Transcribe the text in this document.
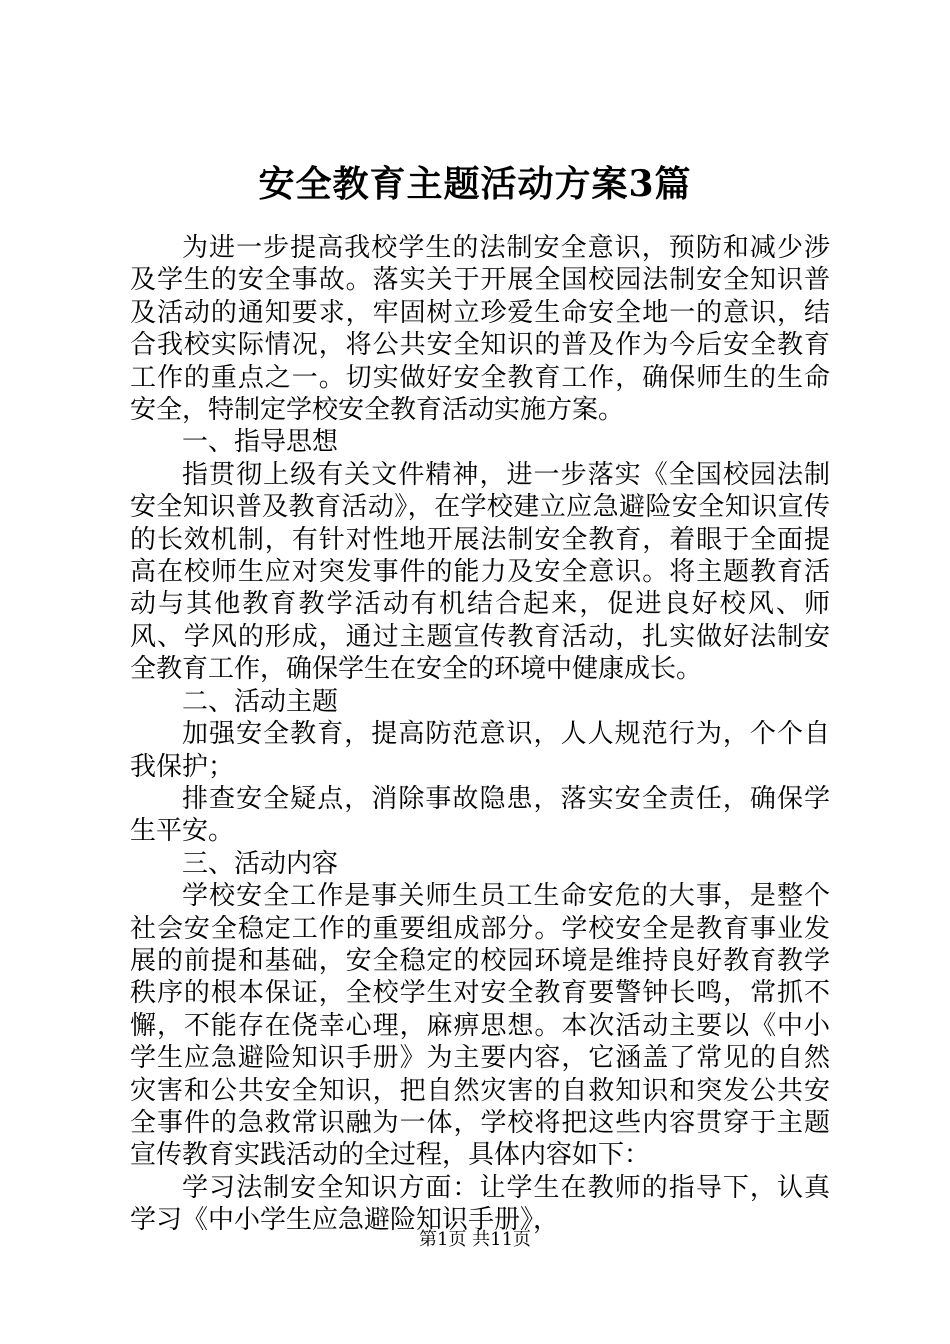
安全教育主题活动方案3篇

为进一步提高我校学生的法制安全意识，预防和减少涉及学生的安全事故。落实关于开展全国校园法制安全知识普及活动的通知要求，牢固树立珍爱生命安全地一的意识，结合我校实际情况，将公共安全知识的普及作为今后安全教育工作的重点之一。切实做好安全教育工作，确保师生的生命安全，特制定学校安全教育活动实施方案。

一、指导思想

指贯彻上级有关文件精神，进一步落实《全国校园法制安全知识普及教育活动》，在学校建立应急避险安全知识宣传的长效机制，有针对性地开展法制安全教育，着眼于全面提高在校师生应对突发事件的能力及安全意识。将主题教育活动与其他教育教学活动有机结合起来，促进良好校风、师风、学风的形成，通过主题宣传教育活动，扎实做好法制安全教育工作，确保学生在安全的环境中健康成长。

二、活动主题

加强安全教育，提高防范意识，人人规范行为，个个自我保护；

排查安全疑点，消除事故隐患，落实安全责任，确保学生平安。

三、活动内容

学校安全工作是事关师生员工生命安危的大事，是整个社会安全稳定工作的重要组成部分。学校安全是教育事业发展的前提和基础，安全稳定的校园环境是维持良好教育教学秩序的根本保证，全校学生对安全教育要警钟长鸣，常抓不懈，不能存在侥幸心理，麻痹思想。本次活动主要以《中小学生应急避险知识手册》为主要内容，它涵盖了常见的自然灾害和公共安全知识，把自然灾害的自救知识和突发公共安全事件的急救常识融为一体，学校将把这些内容贯穿于主题宣传教育实践活动的全过程，具体内容如下：

学习法制安全知识方面：让学生在教师的指导下，认真学习《中小学生应急避险知识手册》，

第1页 共11页
